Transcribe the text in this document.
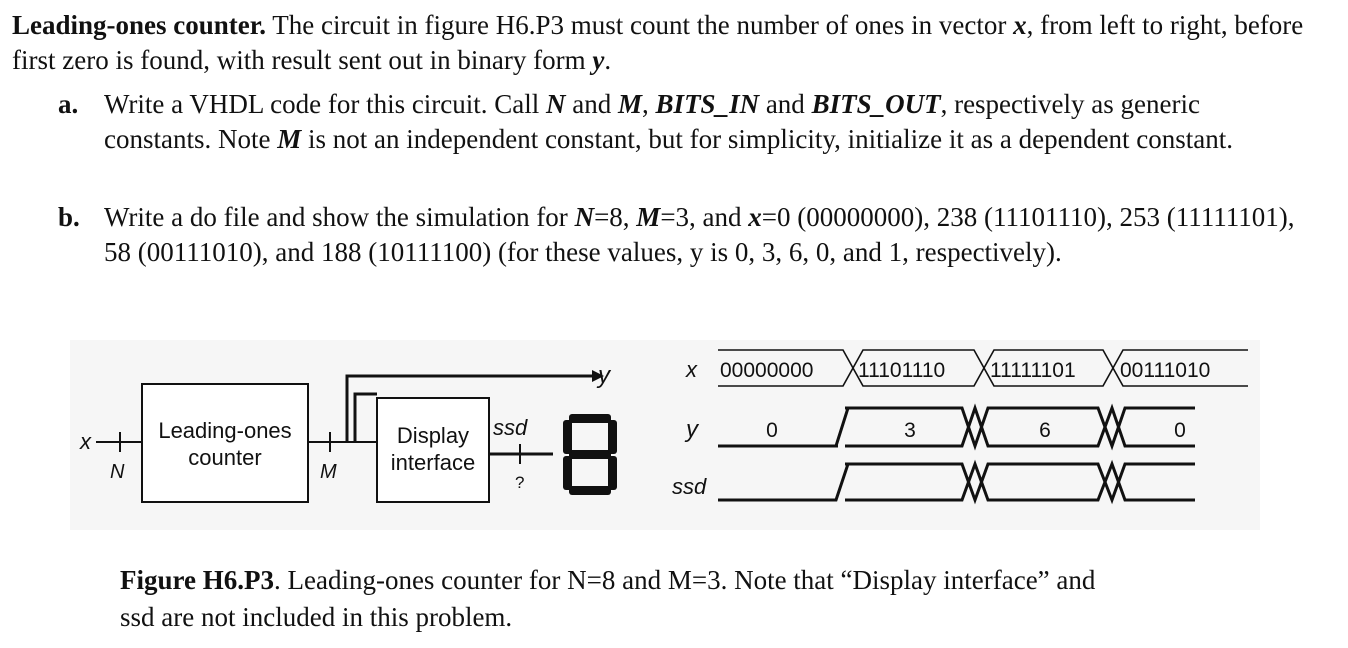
Leading-ones counter. The circuit in figure H6.P3 must count the number of ones in vector x, from left to right, before first zero is found, with result sent out in binary form y.
a. Write a VHDL code for this circuit. Call N and M, BITS_IN and BITS_OUT, respectively as generic constants. Note M is not an independent constant, but for simplicity, initialize it as a dependent constant.
b. Write a do file and show the simulation for N=8, M=3, and x=0 (00000000), 238 (11101110), 253 (11111101), 58 (00111010), and 188 (10111100) (for these values, y is 0, 3, 6, 0, and 1, respectively).
x
N
Leading-ones
counter
M
y
Display
interface
ssd
?
x
y
ssd
00000000 11101110 11111101 00111010
0	3	6	0
Figure H6.P3. Leading-ones counter for N=8 and M=3. Note that “Display interface” and ssd are not included in this problem.
